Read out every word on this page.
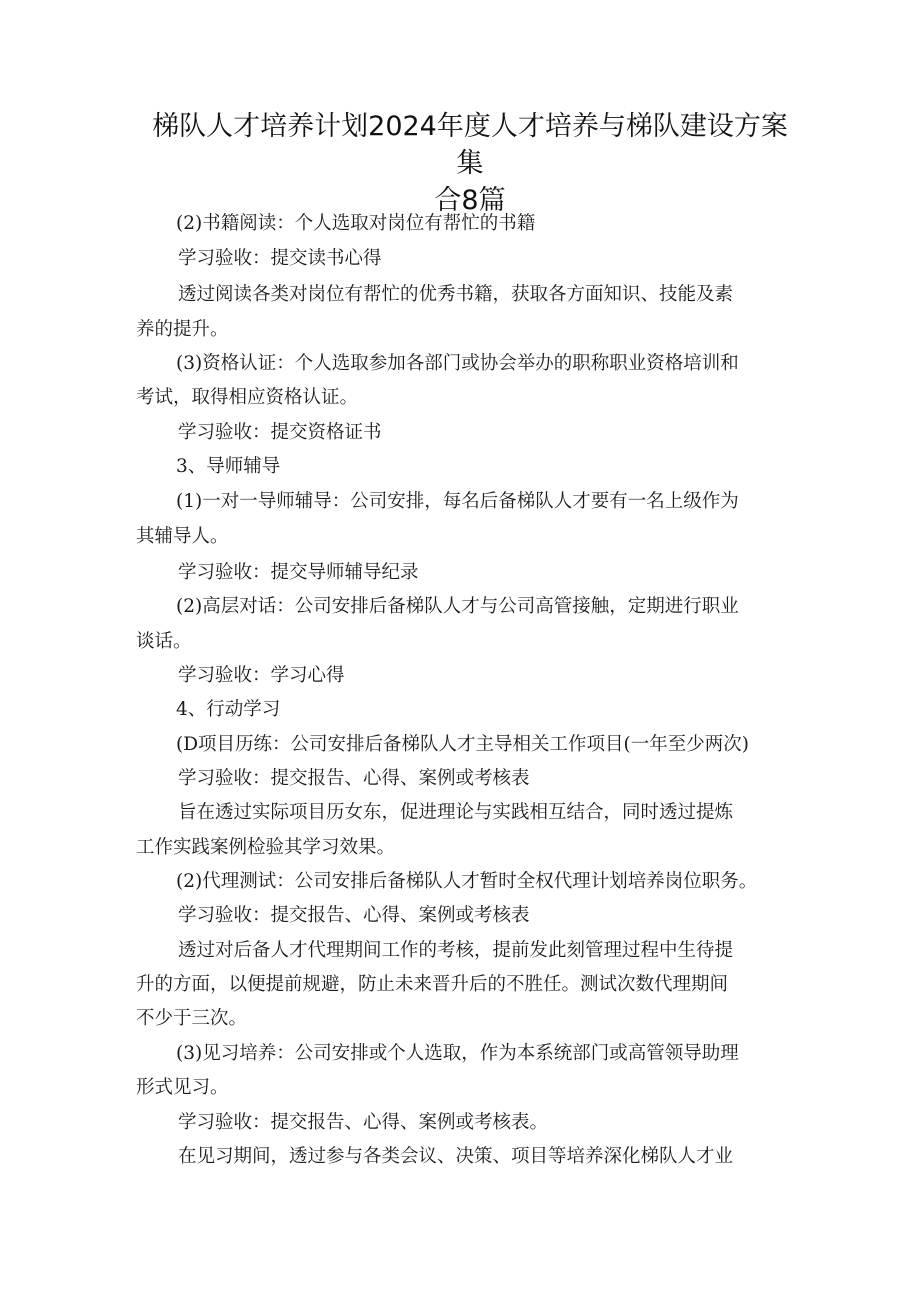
梯队人才培养计划2024年度人才培养与梯队建设方案集
合8篇
(2)书籍阅读：个人选取对岗位有帮忙的书籍
学习验收：提交读书心得
透过阅读各类对岗位有帮忙的优秀书籍，获取各方面知识、技能及素
养的提升。
(3)资格认证：个人选取参加各部门或协会举办的职称职业资格培训和
考试，取得相应资格认证。
学习验收：提交资格证书
3、导师辅导
(1)一对一导师辅导：公司安排，每名后备梯队人才要有一名上级作为
其辅导人。
学习验收：提交导师辅导纪录
(2)高层对话：公司安排后备梯队人才与公司高管接触，定期进行职业
谈话。
学习验收：学习心得
4、行动学习
(D项目历练：公司安排后备梯队人才主导相关工作项目(一年至少两次)
学习验收：提交报告、心得、案例或考核表
旨在透过实际项目历女东，促进理论与实践相互结合，同时透过提炼
工作实践案例检验其学习效果。
(2)代理测试：公司安排后备梯队人才暂时全权代理计划培养岗位职务。
学习验收：提交报告、心得、案例或考核表
透过对后备人才代理期间工作的考核，提前发此刻管理过程中生待提
升的方面，以便提前规避，防止未来晋升后的不胜任。测试次数代理期间
不少于三次。
(3)见习培养：公司安排或个人选取，作为本系统部门或高管领导助理
形式见习。
学习验收：提交报告、心得、案例或考核表。
在见习期间，透过参与各类会议、决策、项目等培养深化梯队人才业
